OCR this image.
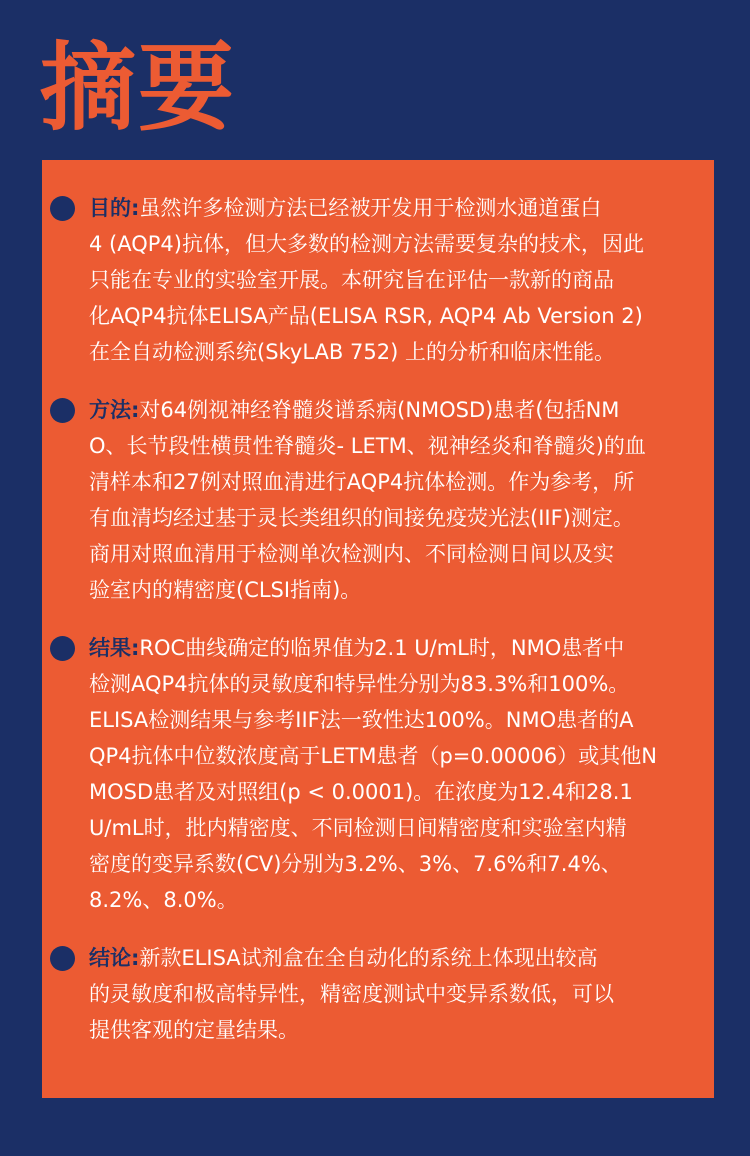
摘要

目的:虽然许多检测方法已经被开发用于检测水通道蛋白
4 (AQP4)抗体，但大多数的检测方法需要复杂的技术，因此
只能在专业的实验室开展。本研究旨在评估一款新的商品
化AQP4抗体ELISA产品(ELISA RSR, AQP4 Ab Version 2)
在全自动检测系统(SkyLAB 752) 上的分析和临床性能。

方法:对64例视神经脊髓炎谱系病(NMOSD)患者(包括NM
O、长节段性横贯性脊髓炎- LETM、视神经炎和脊髓炎)的血
清样本和27例对照血清进行AQP4抗体检测。作为参考，所
有血清均经过基于灵长类组织的间接免疫荧光法(IIF)测定。
商用对照血清用于检测单次检测内、不同检测日间以及实
验室内的精密度(CLSI指南)。

结果:ROC曲线确定的临界值为2.1 U/mL时，NMO患者中
检测AQP4抗体的灵敏度和特异性分别为83.3%和100%。
ELISA检测结果与参考IIF法一致性达100%。NMO患者的A
QP4抗体中位数浓度高于LETM患者（p=0.00006）或其他N
MOSD患者及对照组(p < 0.0001)。在浓度为12.4和28.1
U/mL时，批内精密度、不同检测日间精密度和实验室内精
密度的变异系数(CV)分别为3.2%、3%、7.6%和7.4%、
8.2%、8.0%。

结论:新款ELISA试剂盒在全自动化的系统上体现出较高
的灵敏度和极高特异性，精密度测试中变异系数低，可以
提供客观的定量结果。
